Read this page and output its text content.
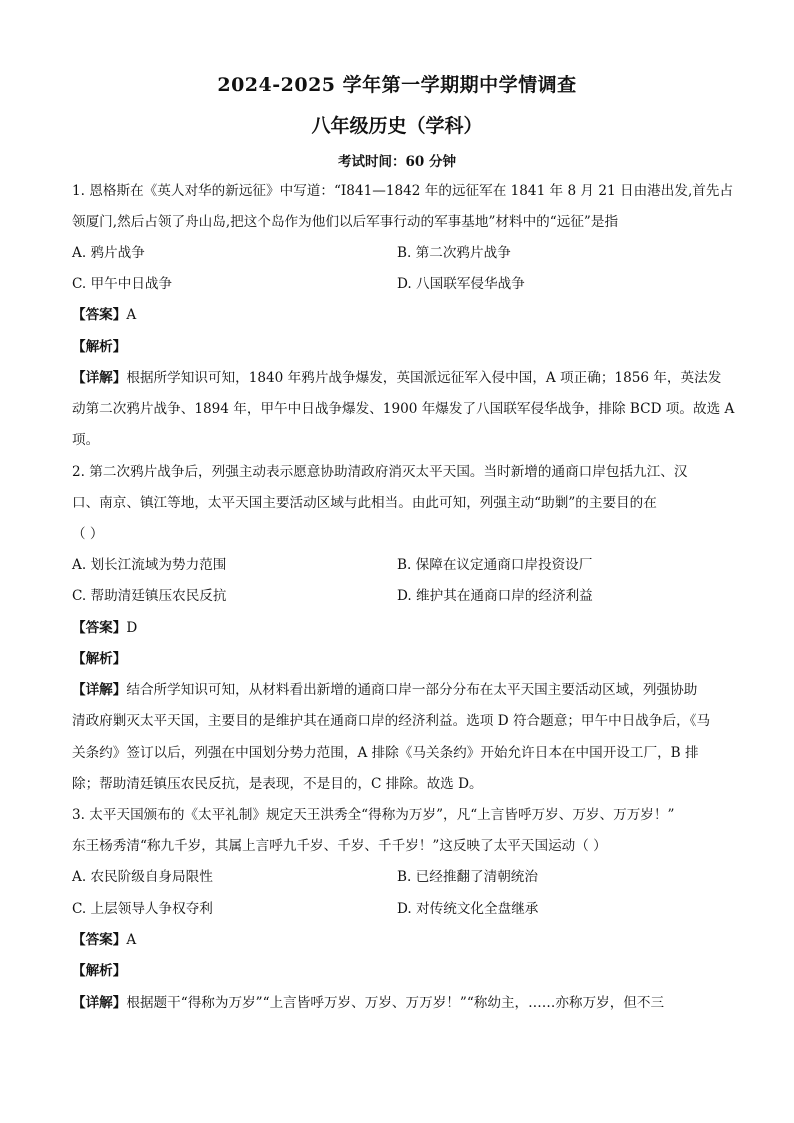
2024-2025 学年第一学期期中学情调查
八年级历史（学科）
考试时间：60 分钟
1. 恩格斯在《英人对华的新远征》中写道：“I841—1842 年的远征军在 1841 年 8 月 21 日由港出发,首先占
领厦门,然后占领了舟山岛,把这个岛作为他们以后军事行动的军事基地”材料中的“远征”是指
A. 鸦片战争	B. 第二次鸦片战争
C. 甲午中日战争	D. 八国联军侵华战争
【答案】A
【解析】
【详解】根据所学知识可知，1840 年鸦片战争爆发，英国派远征军入侵中国，A 项正确；1856 年，英法发
动第二次鸦片战争、1894 年，甲午中日战争爆发、1900 年爆发了八国联军侵华战争，排除 BCD 项。故选 A
项。
2. 第二次鸦片战争后，列强主动表示愿意协助清政府消灭太平天国。当时新增的通商口岸包括九江、汉
口、南京、镇江等地，太平天国主要活动区域与此相当。由此可知，列强主动“助剿”的主要目的在
（ ）
A. 划长江流域为势力范围	B. 保障在议定通商口岸投资设厂
C. 帮助清廷镇压农民反抗	D. 维护其在通商口岸的经济利益
【答案】D
【解析】
【详解】结合所学知识可知，从材料看出新增的通商口岸一部分分布在太平天国主要活动区域，列强协助
清政府剿灭太平天国，主要目的是维护其在通商口岸的经济利益。选项 D 符合题意；甲午中日战争后，《马
关条约》签订以后，列强在中国划分势力范围，A 排除《马关条约》开始允许日本在中国开设工厂，B 排
除；帮助清廷镇压农民反抗，是表现，不是目的，C 排除。故选 D。
3. 太平天国颁布的《太平礼制》规定天王洪秀全“得称为万岁”，凡“上言皆呼万岁、万岁、万万岁！”
东王杨秀清“称九千岁，其属上言呼九千岁、千岁、千千岁！”这反映了太平天国运动（ ）
A. 农民阶级自身局限性	B. 已经推翻了清朝统治
C. 上层领导人争权夺利	D. 对传统文化全盘继承
【答案】A
【解析】
【详解】根据题干“得称为万岁”“上言皆呼万岁、万岁、万万岁！”“称幼主，……亦称万岁，但不三
